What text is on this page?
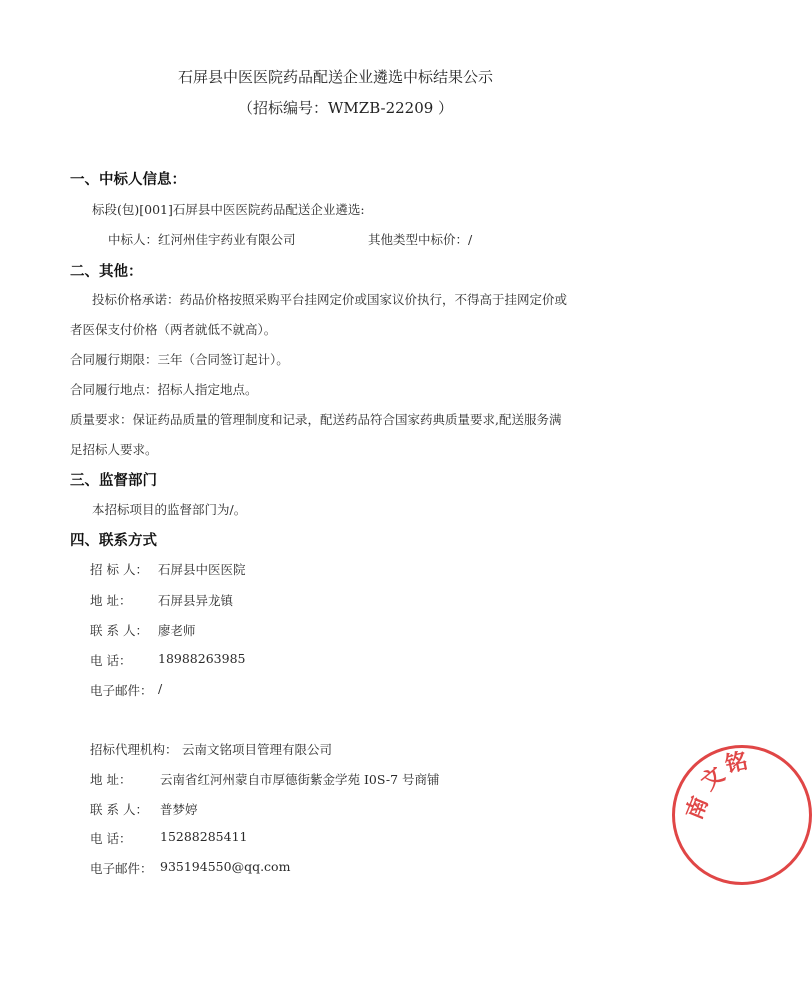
石屏县中医医院药品配送企业遴选中标结果公示
（招标编号：WMZB-22209 ）
一、中标人信息：
标段(包)[001]石屏县中医医院药品配送企业遴选:
中标人：红河州佳宇药业有限公司	其他类型中标价：/
二、其他：
投标价格承诺：药品价格按照采购平台挂网定价或国家议价执行，不得高于挂网定价或
者医保支付价格（两者就低不就高）。
合同履行期限：三年（合同签订起计）。
合同履行地点：招标人指定地点。
质量要求：保证药品质量的管理制度和记录，配送药品符合国家药典质量要求,配送服务满
足招标人要求。
三、监督部门
本招标项目的监督部门为/。
四、联系方式
招 标 人： 石屏县中医医院
地 址： 石屏县异龙镇
联 系 人： 廖老师
电 话： 18988263985
电子邮件： /
招标代理机构： 云南文铭项目管理有限公司
地 址： 云南省红河州蒙自市厚德街紫金学苑 I0S-7 号商铺
联 系 人： 普梦婷
电 话： 15288285411
电子邮件： 935194550@qq.com
南
文
铭
